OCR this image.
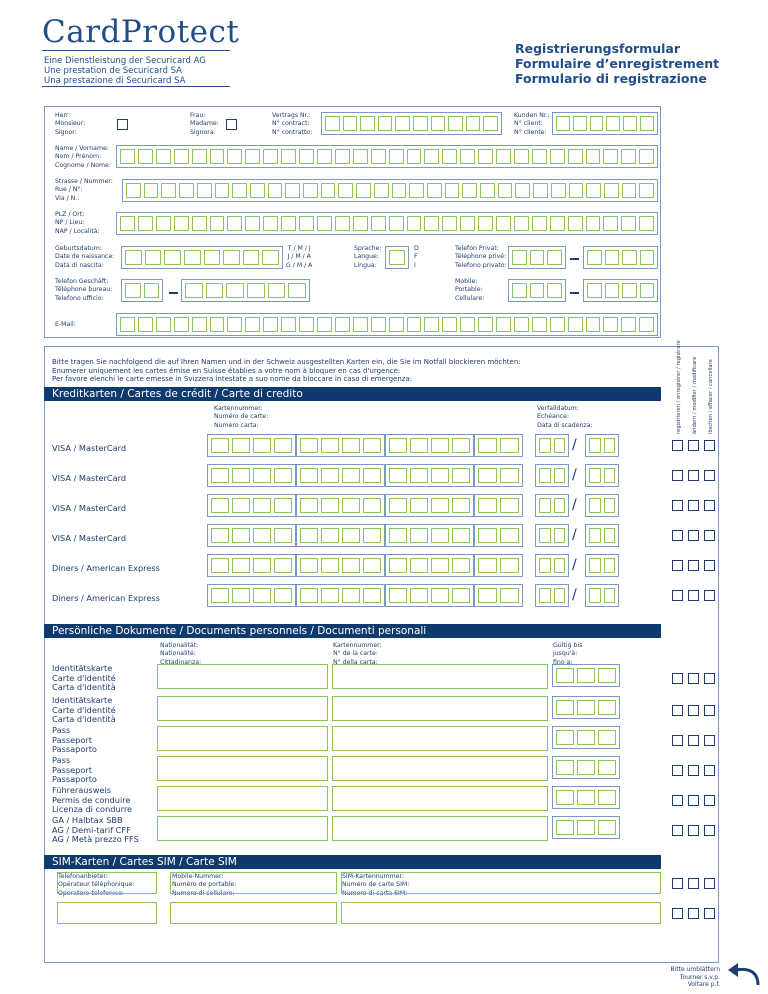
CardProtect
Eine Dienstleistung der Securicard AG
Une prestation de Securicard SA
Una prestazione di Securicard SA
Registrierungsformular
Formulaire d’enregistrement
Formulario di registrazione
Herr:
Monsieur:
Signor:
Frau:
Madame:
Signora:
Vertrags Nr.:
N° contract:
N° contratto:
Kunden Nr.:
N° client:
N° cliente:
Name / Vorname:
Nom / Prénom:
Cognome / Nome:
Strasse / Nummer:
Rue / N°:
Via / N.:
PLZ / Ort:
NP / Lieu:
NAP / Località:
Geburtsdatum:
Date de naissance:
Data di nascita:
T / M / J
J / M / A
G / M / A
Sprache:
Langue:
Lingua:
D
F
I
Telefon Privat:
Téléphone privé:
Telefono privato:
Telefon Geschäft:
Téléphone bureau:
Telefono ufficio:
Mobile:
Portable:
Cellulare:
E-Mail:
Bitte tragen Sie nachfolgend die auf Ihren Namen und in der Schweiz ausgestellten Karten ein, die Sie im Notfall blockieren möchten:
Enumerer uniquement les cartes émise en Suisse établies a votre nom à bloquer en cas d'urgence:
Per favore elenchi le carte emesse in Svizzera intestate a suo nome da bloccare in caso di emergenza:	registrieren / enregistrer / registrare ändern / modifier / modificare löschen / effacer / cancellare
Kreditkarten / Cartes de crédit / Carte di credito
Kartennummer:
Numéro de carte:
Numero carta:
Verfalldatum:
Echéance:
Data di scadenza:
Persönliche Dokumente / Documents personnels / Documenti personali
Nationalität:
Nationalité:
Cittadinanza:
Kartennummer:
N° de la carte:
N° della carta:
Gültig bis
jusqu'à:
fino a:
SIM-Karten / Cartes SIM / Carte SIM
Telefonanbieter:
Opérateur téléphonique:
Operatore telefonico:
Mobile-Nummer:
Numéro de portable:
Numero di cellulare:
SIM-Kartennummer:
Numéro de carte SIM:
Numero di carta SIM:
Bitte umblättern
Tourner s.v.p.
Voltare p.f.
VISA / MasterCard	/
VISA / MasterCard	/
VISA / MasterCard	/
VISA / MasterCard	/
Diners / American Express	/
Diners / American Express	/
Identitätskarte
Carte d'identité
Carta d'identità
Identitätskarte
Carte d'identité
Carta d'identità
Pass
Passeport
Passaporto
Pass
Passeport
Passaporto
Führerausweis
Permis de conduire
Licenza di condurre
GA / Halbtax SBB
AG / Demi-tarif CFF
AG / Metà prezzo FFS
